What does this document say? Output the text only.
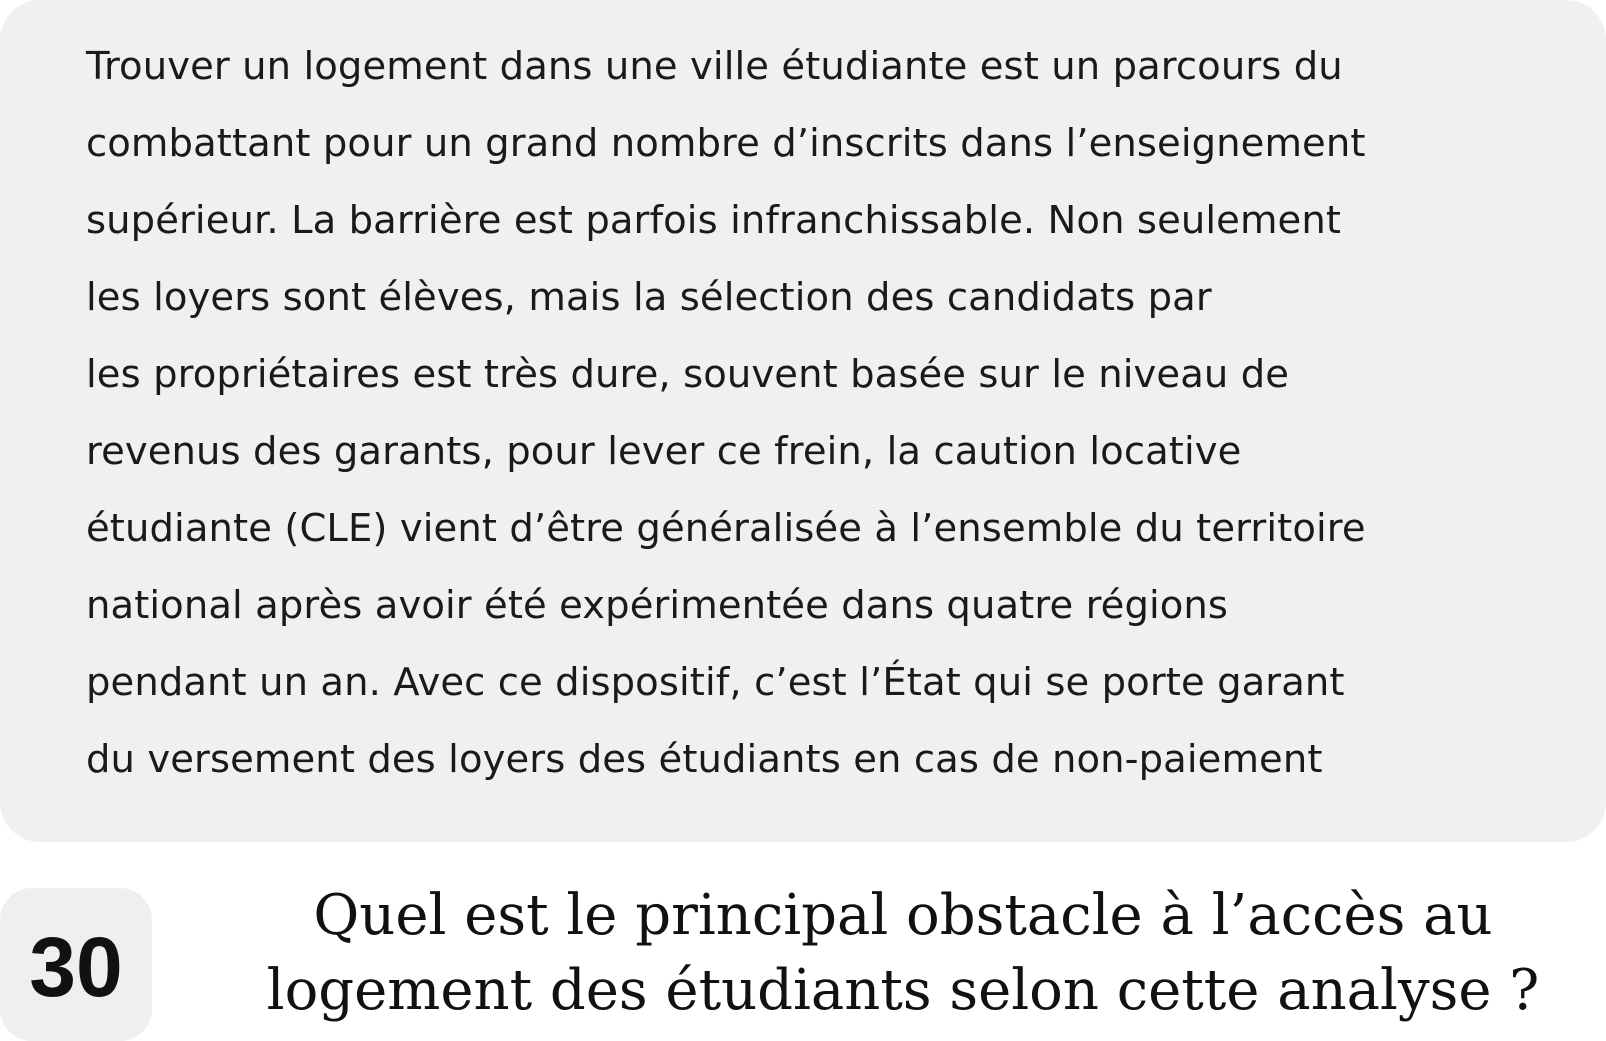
Trouver un logement dans une ville étudiante est un parcours du
combattant pour un grand nombre d’inscrits dans l’enseignement
supérieur. La barrière est parfois infranchissable. Non seulement
les loyers sont élèves, mais la sélection des candidats par
les propriétaires est très dure, souvent basée sur le niveau de
revenus des garants, pour lever ce frein, la caution locative
étudiante (CLE) vient d’être généralisée à l’ensemble du territoire
national après avoir été expérimentée dans quatre régions
pendant un an. Avec ce dispositif, c’est l’État qui se porte garant
du versement des loyers des étudiants en cas de non-paiement
30
Quel est le principal obstacle à l’accès au
logement des étudiants selon cette analyse ?
